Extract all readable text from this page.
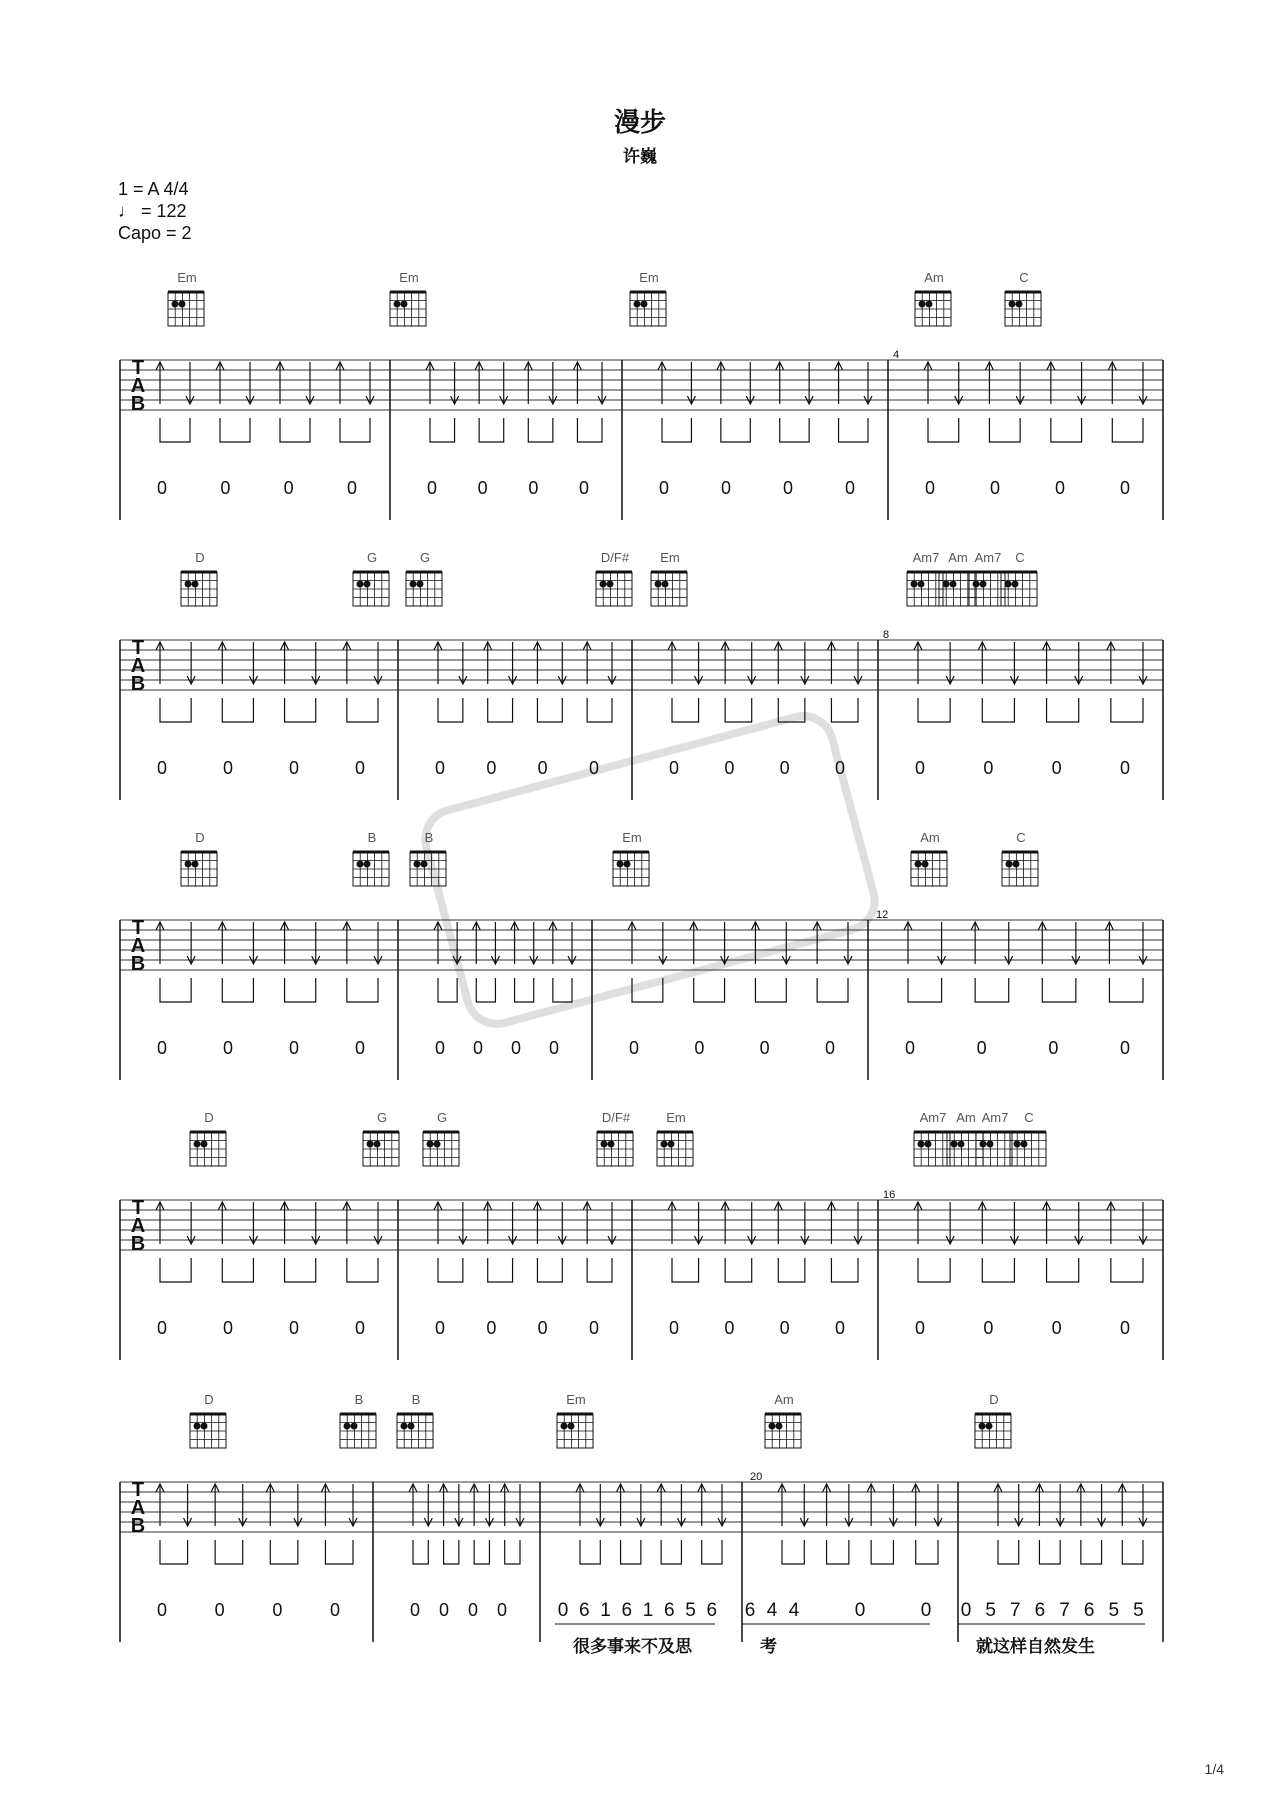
漫步
许巍
1 = A 4/4
♩ = 122
Capo = 2
1/4
Em	Em	Em	Am	C
T
A
B
4
0	0	0	0	0 0 0 0	0	0	0	0	0	0	0	0
D	G	G	D/F# Em	Am7 Am Am7 C
T
A
B
8
0	0	0	0	0 0 0 0	0	0	0	0	0	0	0	0
D	B	B	Em	Am	C
T
A
B
12
0	0	0	0	0 0 0 0	0	0	0	0	0	0	0	0
D	G	G	D/F#	Em	Am7 Am Am7 C
T
A
B
16
0	0	0	0	0 0 0 0	0	0	0	0	0	0	0	0
D	B	B	Em	Am	D
T
A
B
20
0	0	0	0	0 0 0 0	0 6 1 6 1 6 5 6
很多事来不及思
6 4 4	0	0
考
0 5 7 6 7 6 5 5
就这样自然发生
